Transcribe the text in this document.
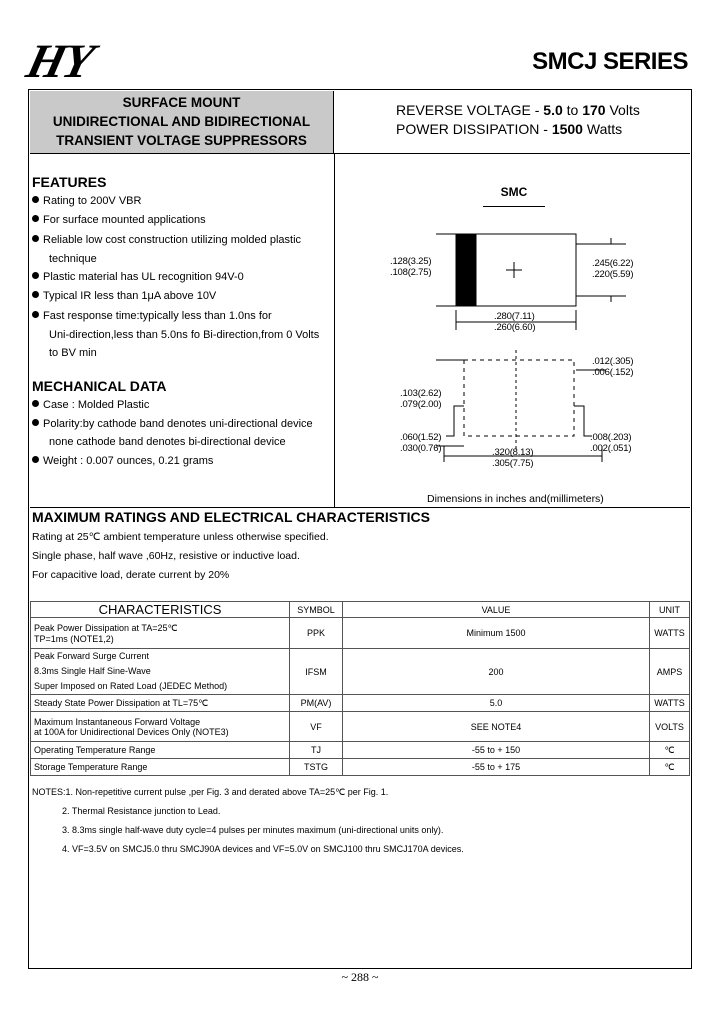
HY	SMCJ SERIES
SURFACE MOUNT
UNIDIRECTIONAL AND BIDIRECTIONAL
TRANSIENT VOLTAGE SUPPRESSORS
REVERSE VOLTAGE - 5.0 to 170 Volts
POWER DISSIPATION - 1500 Watts
FEATURES
Rating to 200V VBR
For surface mounted applications
Reliable low cost construction utilizing molded plastic
technique
Plastic material has UL recognition 94V-0
Typical IR less than 1μA above 10V
Fast response time:typically less than 1.0ns for
Uni-direction,less than 5.0ns fo Bi-direction,from 0 Volts
to BV min
MECHANICAL DATA
Case : Molded Plastic
Polarity:by cathode band denotes uni-directional device
none cathode band denotes bi-directional device
Weight : 0.007 ounces, 0.21 grams
SMC
.128(3.25)
.108(2.75)
.245(6.22)
.220(5.59)
.280(7.11)
.260(6.60)
.012(.305)
.006(.152)
.103(2.62)
.079(2.00)
.060(1.52)
.030(0.76)	.320(8.13)
.305(7.75)
.008(.203)
.002(.051)
Dimensions in inches and(millimeters)
MAXIMUM RATINGS AND ELECTRICAL CHARACTERISTICS
Rating at 25℃ ambient temperature unless otherwise specified.
Single phase, half wave ,60Hz, resistive or inductive load.
For capacitive load, derate current by 20%
CHARACTERISTICS	SYMBOL	VALUE	UNIT

Peak Power Dissipation at TA=25℃
TP=1ms (NOTE1,2)	PPK	Minimum 1500	WATTS

Peak Forward Surge Current
8.3ms Single Half Sine-Wave
Super Imposed on Rated Load (JEDEC Method)	IFSM	200	AMPS

Steady State Power Dissipation at TL=75℃	PM(AV)	5.0	WATTS

Maximum Instantaneous Forward Voltage
at 100A for Unidirectional Devices Only (NOTE3)	VF	SEE NOTE4	VOLTS

Operating Temperature Range	TJ	-55 to + 150	℃

Storage Temperature Range	TSTG	-55 to + 175	℃
NOTES:1. Non-repetitive current pulse ,per Fig. 3 and derated above TA=25℃ per Fig. 1.
2. Thermal Resistance junction to Lead.
3. 8.3ms single half-wave duty cycle=4 pulses per minutes maximum (uni-directional units only).
4. VF=3.5V on SMCJ5.0 thru SMCJ90A devices and VF=5.0V on SMCJ100 thru SMCJ170A devices.
~ 288 ~
